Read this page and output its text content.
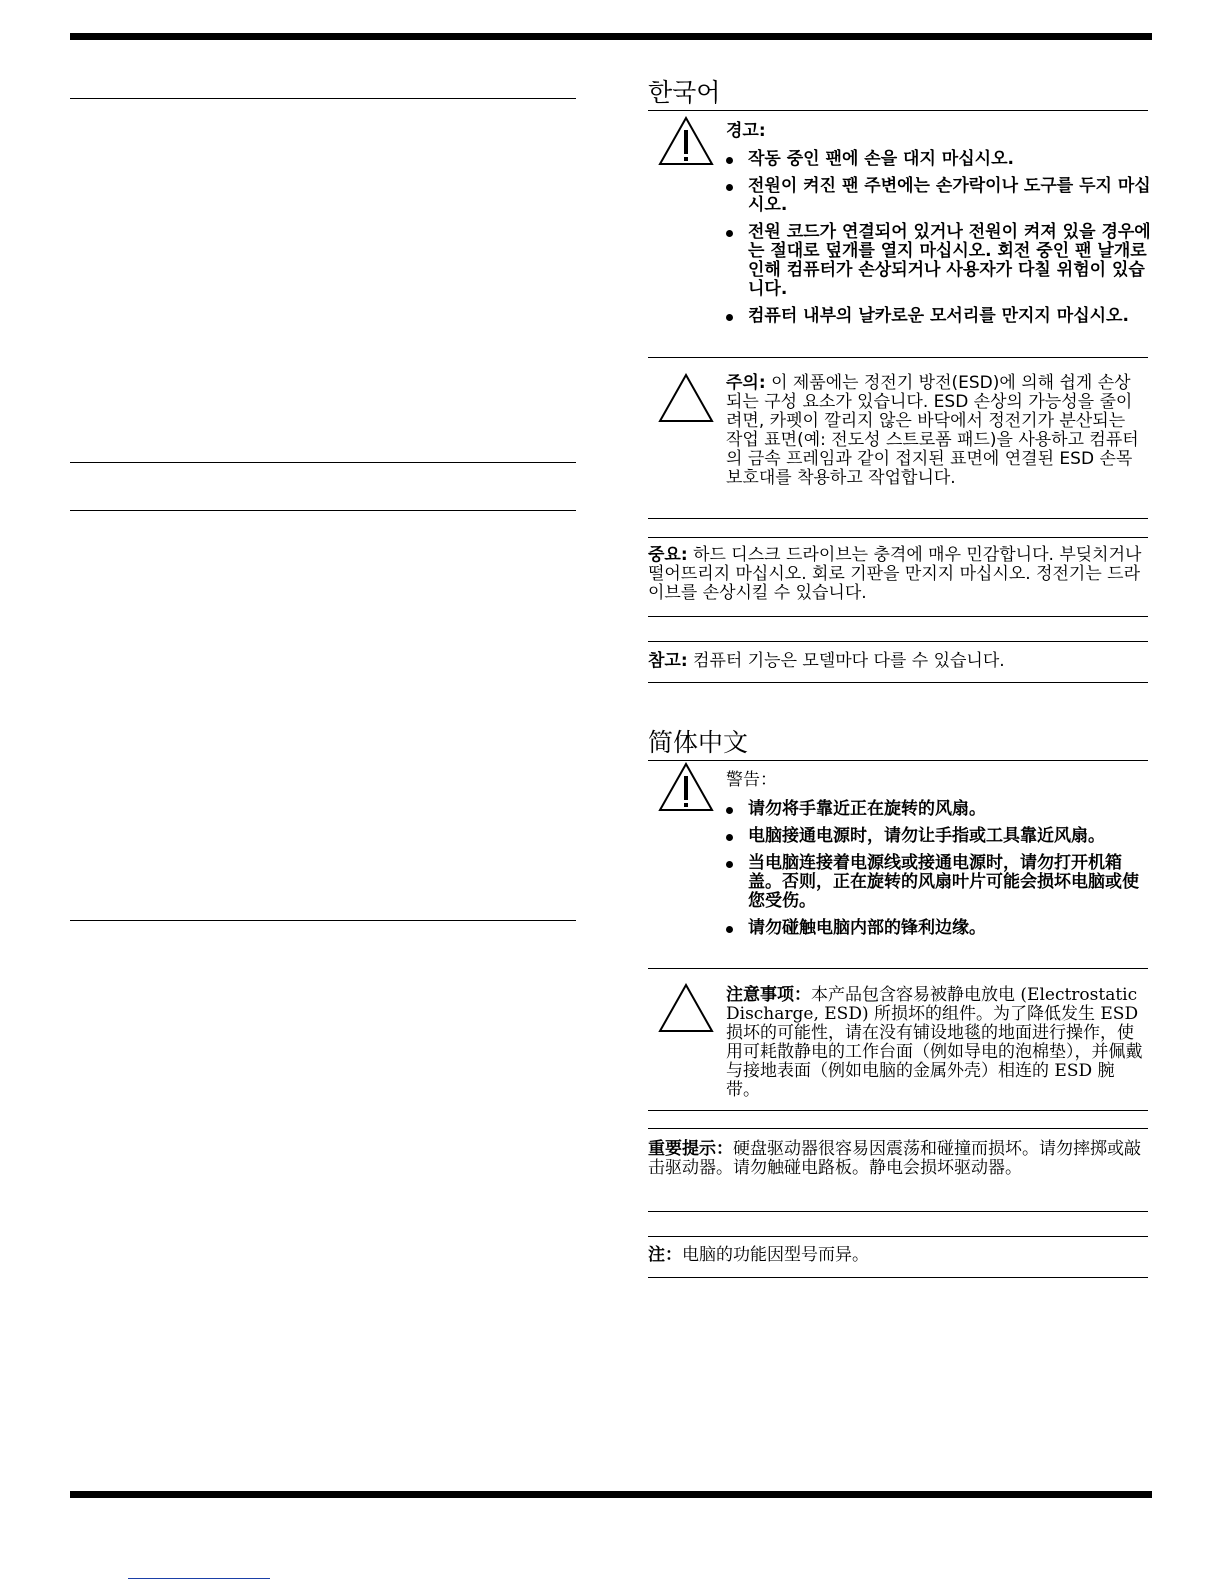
한국어
경고:
작동 중인 팬에 손을 대지 마십시오.
전원이 켜진 팬 주변에는 손가락이나 도구를 두지 마십시오.
전원 코드가 연결되어 있거나 전원이 켜져 있을 경우에는 절대로 덮개를 열지 마십시오. 회전 중인 팬 날개로 인해 컴퓨터가 손상되거나 사용자가 다칠 위험이 있습니다.
컴퓨터 내부의 날카로운 모서리를 만지지 마십시오.
주의: 이 제품에는 정전기 방전(ESD)에 의해 쉽게 손상되는 구성 요소가 있습니다. ESD 손상의 가능성을 줄이려면, 카펫이 깔리지 않은 바닥에서 정전기가 분산되는 작업 표면(예: 전도성 스트로폼 패드)을 사용하고 컴퓨터의 금속 프레임과 같이 접지된 표면에 연결된 ESD 손목 보호대를 착용하고 작업합니다.
중요: 하드 디스크 드라이브는 충격에 매우 민감합니다. 부딪치거나 떨어뜨리지 마십시오. 회로 기판을 만지지 마십시오. 정전기는 드라이브를 손상시킬 수 있습니다.
참고: 컴퓨터 기능은 모델마다 다를 수 있습니다.
简体中文
警告：
请勿将手靠近正在旋转的风扇。
电脑接通电源时，请勿让手指或工具靠近风扇。
当电脑连接着电源线或接通电源时，请勿打开机箱盖。否则，正在旋转的风扇叶片可能会损坏电脑或使您受伤。
请勿碰触电脑内部的锋利边缘。
注意事项：本产品包含容易被静电放电 (Electrostatic Discharge, ESD) 所损坏的组件。为了降低发生 ESD 损坏的可能性，请在没有铺设地毯的地面进行操作，使用可耗散静电的工作台面（例如导电的泡棉垫），并佩戴与接地表面（例如电脑的金属外壳）相连的 ESD 腕带。
重要提示：硬盘驱动器很容易因震荡和碰撞而损坏。请勿摔掷或敲击驱动器。请勿触碰电路板。静电会损坏驱动器。
注：电脑的功能因型号而异。
